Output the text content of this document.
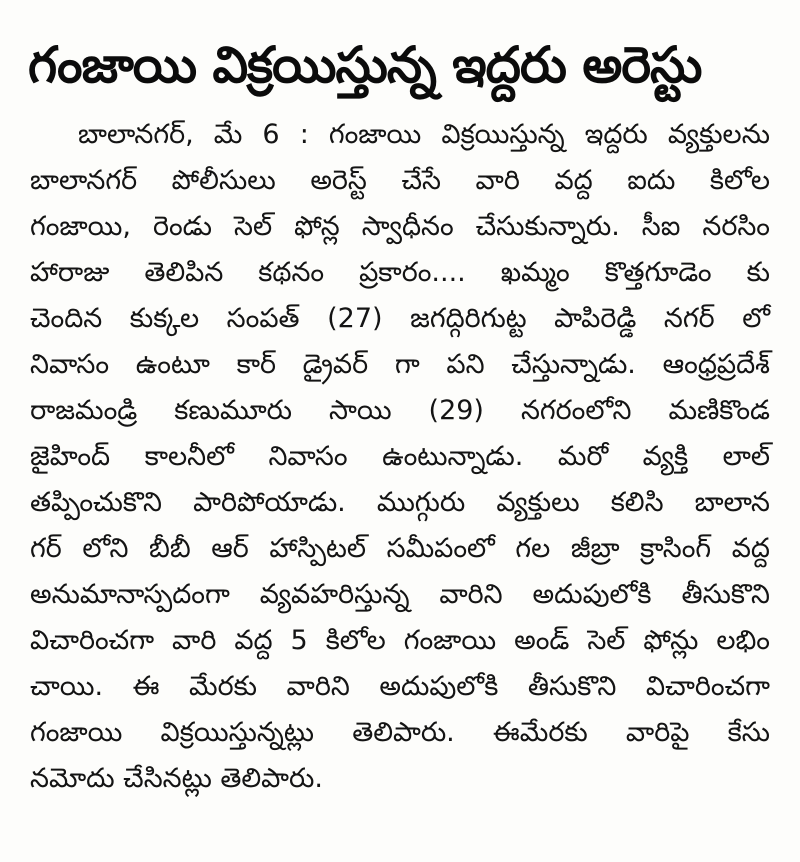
గంజాయి విక్రయిస్తున్న ఇద్దరు అరెస్టు
బాలానగర్, మే 6 : గంజాయి విక్రయిస్తున్న ఇద్దరు వ్యక్తులను
బాలానగర్ పోలీసులు అరెస్ట్ చేసే వారి వద్ద ఐదు కిలోల
గంజాయి, రెండు సెల్ ఫోన్ల స్వాధీనం చేసుకున్నారు. సీఐ నరసిం
హారాజు తెలిపిన కథనం ప్రకారం.... ఖమ్మం కొత్తగూడెం కు
చెందిన కుక్కల సంపత్ (27) జగద్గిరిగుట్ట పాపిరెడ్డి నగర్ లో
నివాసం ఉంటూ కార్ డ్రైవర్ గా పని చేస్తున్నాడు. ఆంధ్రప్రదేశ్
రాజమండ్రి కణుమూరు సాయి (29) నగరంలోని మణికొండ
జైహింద్ కాలనీలో నివాసం ఉంటున్నాడు. మరో వ్యక్తి లాల్
తప్పించుకొని పారిపోయాడు. ముగ్గురు వ్యక్తులు కలిసి బాలాన
గర్ లోని బీబీ ఆర్ హాస్పిటల్ సమీపంలో గల జీబ్రా క్రాసింగ్ వద్ద
అనుమానాస్పదంగా వ్యవహరిస్తున్న వారిని అదుపులోకి తీసుకొని
విచారించగా వారి వద్ద 5 కిలోల గంజాయి అండ్ సెల్ ఫోన్లు లభిం
చాయి. ఈ మేరకు వారిని అదుపులోకి తీసుకొని విచారించగా
గంజాయి విక్రయిస్తున్నట్లు తెలిపారు. ఈమేరకు వారిపై కేసు
నమోదు చేసినట్లు తెలిపారు.
